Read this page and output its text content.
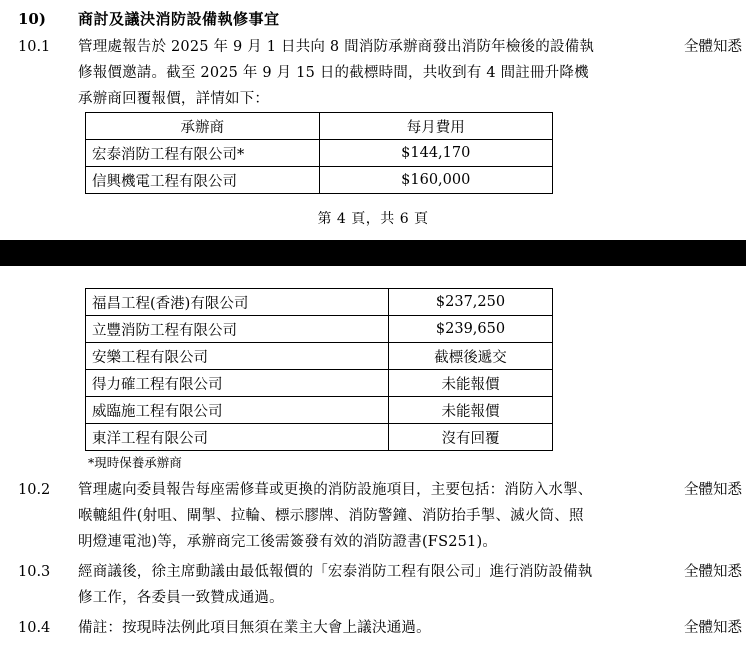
10)	商討及議決消防設備執修事宜
10.1	管理處報告於 2025 年 9 月 1 日共向 8 間消防承辦商發出消防年檢後的設備執修報價邀請。截至 2025 年 9 月 15 日的截標時間，共收到有 4 間註冊升降機承辦商回覆報價，詳情如下：
全體知悉
承辦商	每月費用
宏泰消防工程有限公司*	$144,170
信興機電工程有限公司	$160,000
第 4 頁，共 6 頁
福昌工程(香港)有限公司	$237,250
立豐消防工程有限公司	$239,650
安樂工程有限公司	截標後遞交
得力確工程有限公司	未能報價
威臨施工程有限公司	未能報價
東洋工程有限公司	沒有回覆
*現時保養承辦商
10.2	管理處向委員報告每座需修葺或更換的消防設施項目，主要包括：消防入水掣、喉轆組件(射咀、閘掣、拉輪、標示膠牌、消防警鐘、消防抬手掣、滅火筒、照明燈連電池)等，承辦商完工後需簽發有效的消防證書(FS251)。
全體知悉
10.3	經商議後，徐主席動議由最低報價的「宏泰消防工程有限公司」進行消防設備執修工作，各委員一致贊成通過。
全體知悉
10.4	備註：按現時法例此項目無須在業主大會上議決通過。	全體知悉
